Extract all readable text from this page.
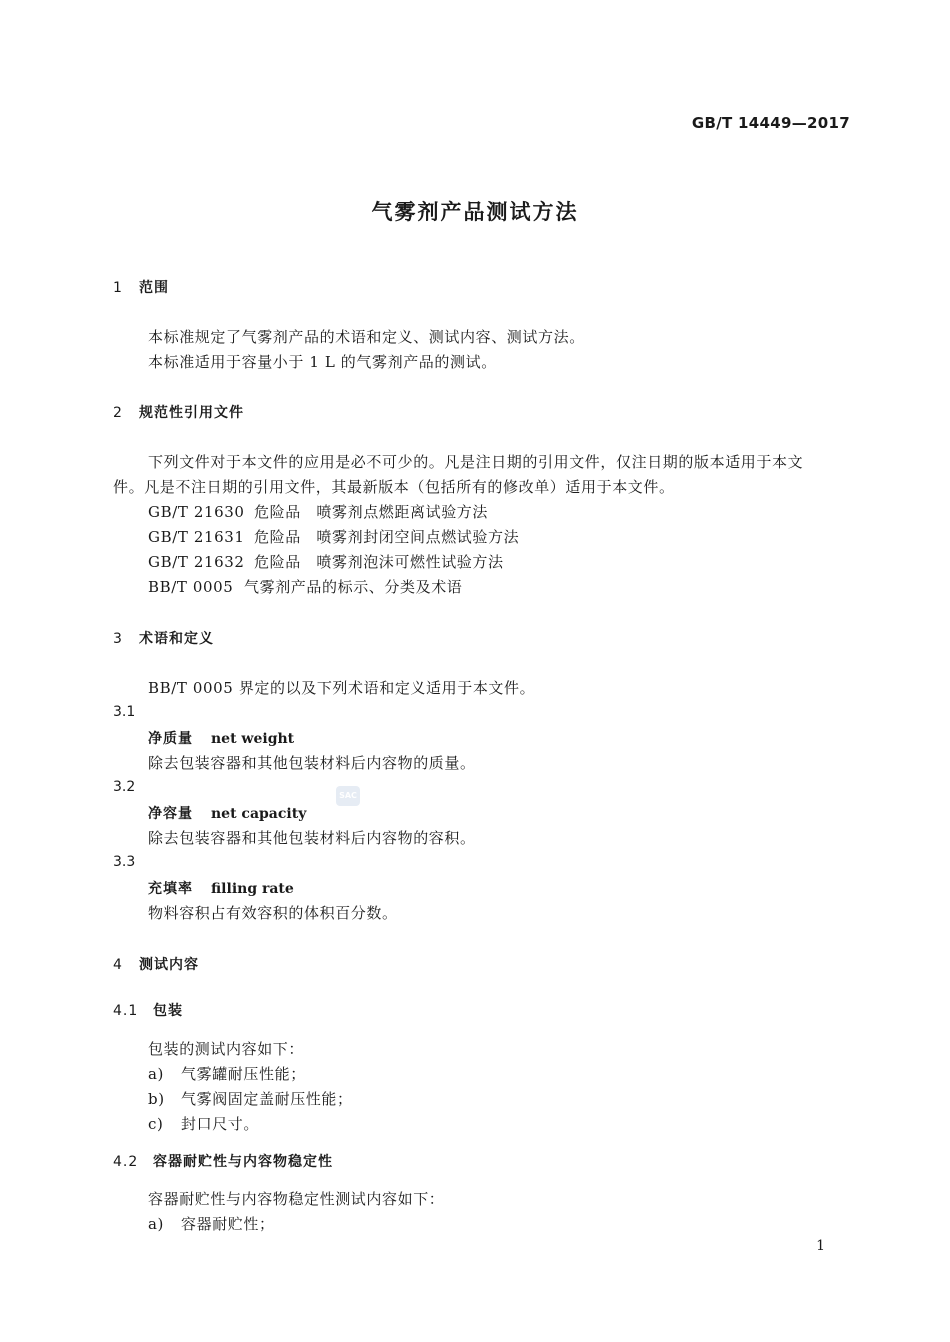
GB/T 14449—2017
气雾剂产品测试方法
1 范围
本标准规定了气雾剂产品的术语和定义、测试内容、测试方法。
本标准适用于容量小于 1 L 的气雾剂产品的测试。
2 规范性引用文件
下列文件对于本文件的应用是必不可少的。凡是注日期的引用文件，仅注日期的版本适用于本文
件。凡是不注日期的引用文件，其最新版本（包括所有的修改单）适用于本文件。
GB/T 21630 危险品　喷雾剂点燃距离试验方法
GB/T 21631 危险品　喷雾剂封闭空间点燃试验方法
GB/T 21632 危险品　喷雾剂泡沫可燃性试验方法
BB/T 0005 气雾剂产品的标示、分类及术语
3 术语和定义
BB/T 0005 界定的以及下列术语和定义适用于本文件。
3.1
净质量 net weight
除去包装容器和其他包装材料后内容物的质量。
3.2
净容量 net capacity
除去包装容器和其他包装材料后内容物的容积。
3.3
充填率 filling rate
物料容积占有效容积的体积百分数。
SAC
4 测试内容
4.1 包装
包装的测试内容如下：
a) 气雾罐耐压性能；
b) 气雾阀固定盖耐压性能；
c) 封口尺寸。
4.2 容器耐贮性与内容物稳定性
容器耐贮性与内容物稳定性测试内容如下：
a) 容器耐贮性；
1
